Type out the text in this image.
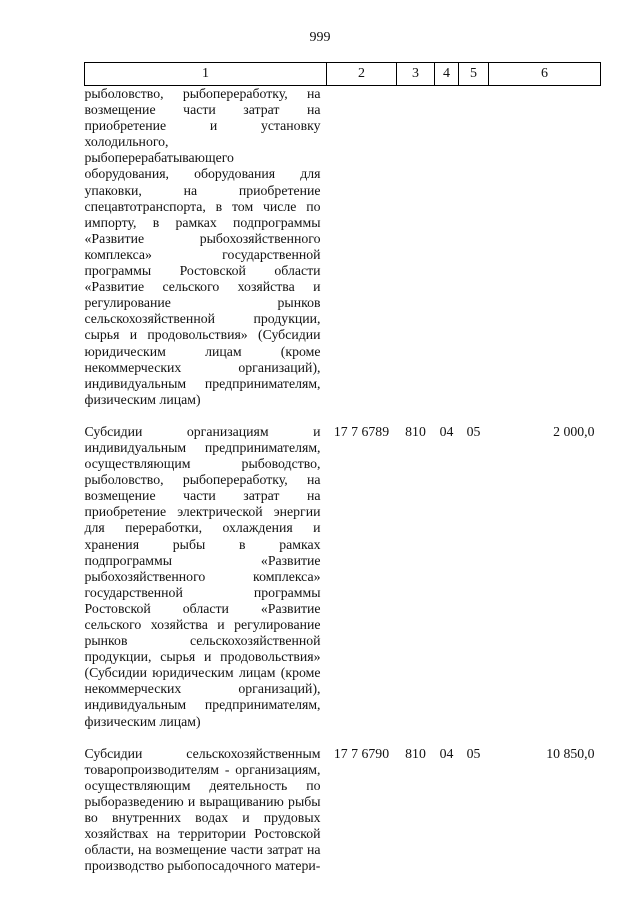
999
1	2	3	4	5	6
рыболовство, рыбопереработку, на возмещение части затрат на приобретение и установку холодильного, рыбоперерабатывающего оборудования, оборудования для упаковки, на приобретение спецавтотранспорта, в том числе по импорту, в рамках подпрограммы «Развитие рыбохозяйственного комплекса» государственной программы Ростовской области «Развитие сельского хозяйства и регулирование рынков сельскохозяйственной продукции, сырья и продовольствия» (Субсидии юридическим лицам (кроме некоммерческих организаций), индивидуальным предпринимателям, физическим лицам)					
Субсидии организациям и индивидуальным предпринимателям, осуществляющим рыбоводство, рыболовство, рыбопереработку, на возмещение части затрат на приобретение электрической энергии для переработки, охлаждения и хранения рыбы в рамках подпрограммы «Развитие рыбохозяйственного комплекса» государственной программы Ростовской области «Развитие сельского хозяйства и регулирование рынков сельскохозяйственной продукции, сырья и продовольствия» (Субсидии юридическим лицам (кроме некоммерческих организаций), индивидуальным предпринимателям, физическим лицам)	17 7 6789	810	04	05	2 000,0
Субсидии сельскохозяйственным товаропроизводителям - организациям, осуществляющим деятельность по рыборазведению и выращиванию рыбы во внутренних водах и прудовых хозяйствах на территории Ростовской области, на возмещение части затрат на производство рыбопосадочного матери-	17 7 6790	810	04	05	10 850,0
